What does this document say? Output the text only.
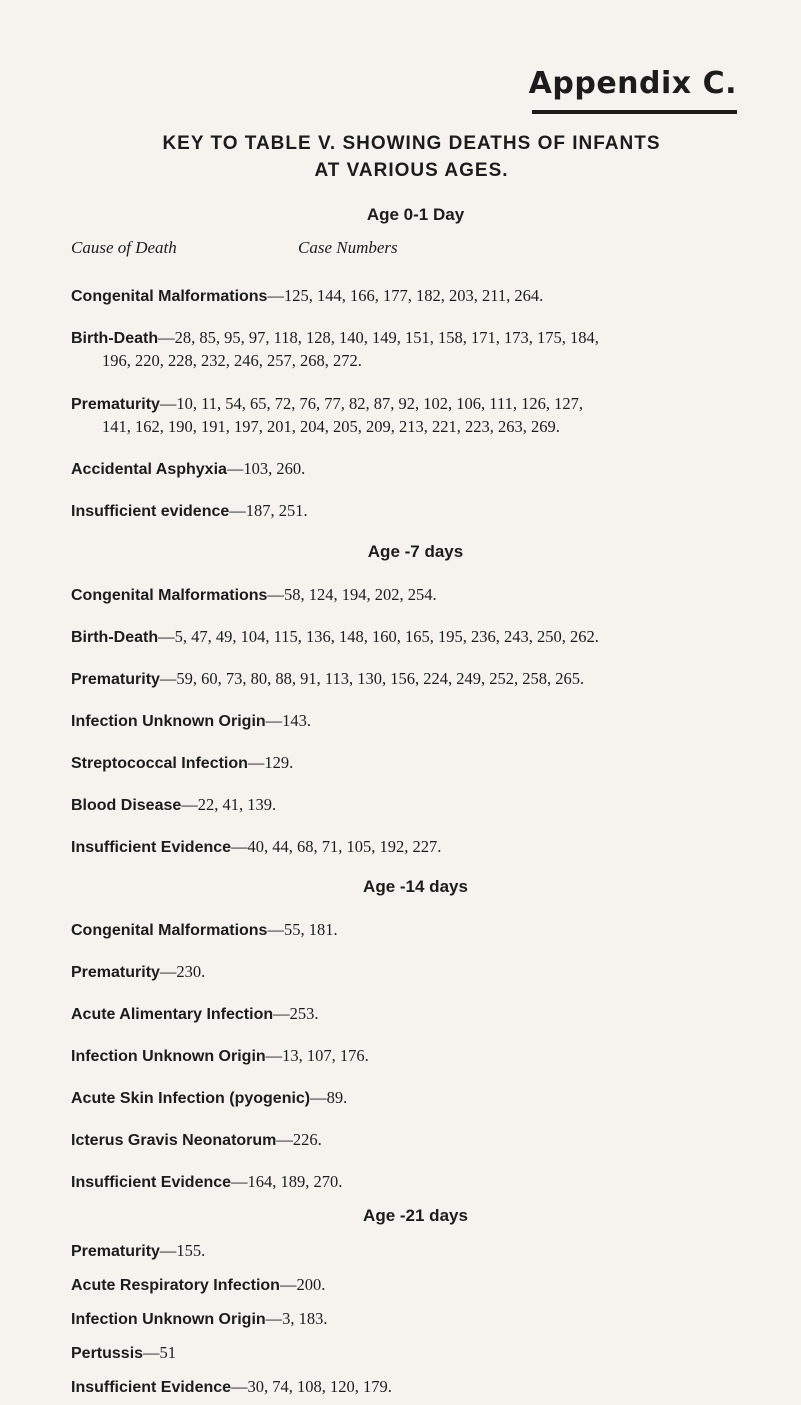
Appendix C.
KEY TO TABLE V. SHOWING DEATHS OF INFANTS
AT VARIOUS AGES.
Age 0-1 Day
Cause of Death	Case Numbers
Congenital Malformations—125, 144, 166, 177, 182, 203, 211, 264.
Birth-Death—28, 85, 95, 97, 118, 128, 140, 149, 151, 158, 171, 173, 175, 184,
196, 220, 228, 232, 246, 257, 268, 272.
Prematurity—10, 11, 54, 65, 72, 76, 77, 82, 87, 92, 102, 106, 111, 126, 127,
141, 162, 190, 191, 197, 201, 204, 205, 209, 213, 221, 223, 263, 269.
Accidental Asphyxia—103, 260.
Insufficient evidence—187, 251.
Age -7 days
Congenital Malformations—58, 124, 194, 202, 254.
Birth-Death—5, 47, 49, 104, 115, 136, 148, 160, 165, 195, 236, 243, 250, 262.
Prematurity—59, 60, 73, 80, 88, 91, 113, 130, 156, 224, 249, 252, 258, 265.
Infection Unknown Origin—143.
Streptococcal Infection—129.
Blood Disease—22, 41, 139.
Insufficient Evidence—40, 44, 68, 71, 105, 192, 227.
Age -14 days
Congenital Malformations—55, 181.
Prematurity—230.
Acute Alimentary Infection—253.
Infection Unknown Origin—13, 107, 176.
Acute Skin Infection (pyogenic)—89.
Icterus Gravis Neonatorum—226.
Insufficient Evidence—164, 189, 270.
Age -21 days
Prematurity—155.
Acute Respiratory Infection—200.
Infection Unknown Origin—3, 183.
Pertussis—51
Insufficient Evidence—30, 74, 108, 120, 179.
